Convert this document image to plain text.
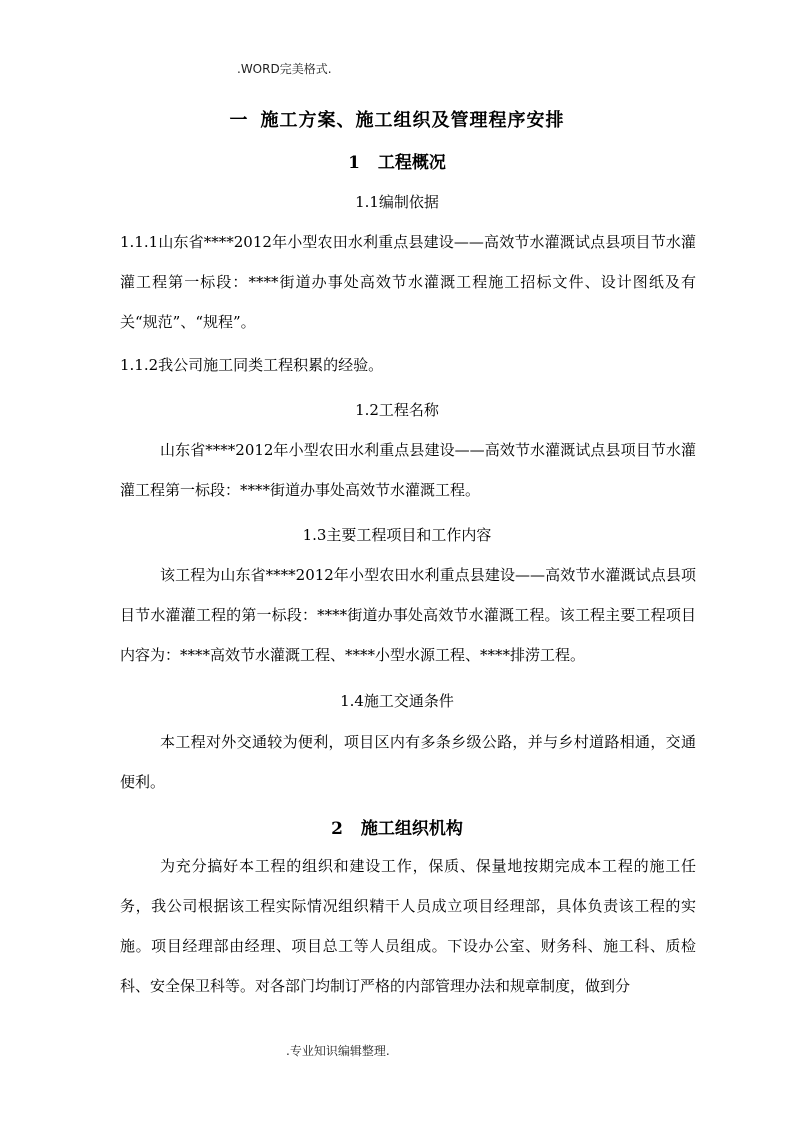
.WORD完美格式.
一 施工方案、施工组织及管理程序安排
1 工程概况
1.1编制依据
1.1.1山东省****2012年小型农田水利重点县建设——高效节水灌溉试点县项目节水灌灌工程第一标段：****街道办事处高效节水灌溉工程施工招标文件、设计图纸及有关“规范”、“规程”。
1.1.2我公司施工同类工程积累的经验。
1.2工程名称
山东省****2012年小型农田水利重点县建设——高效节水灌溉试点县项目节水灌灌工程第一标段：****街道办事处高效节水灌溉工程。
1.3主要工程项目和工作内容
该工程为山东省****2012年小型农田水利重点县建设——高效节水灌溉试点县项目节水灌灌工程的第一标段：****街道办事处高效节水灌溉工程。该工程主要工程项目内容为：****高效节水灌溉工程、****小型水源工程、****排涝工程。
1.4施工交通条件
本工程对外交通较为便利，项目区内有多条乡级公路，并与乡村道路相通，交通便利。
2 施工组织机构
为充分搞好本工程的组织和建设工作，保质、保量地按期完成本工程的施工任务，我公司根据该工程实际情况组织精干人员成立项目经理部，具体负责该工程的实施。项目经理部由经理、项目总工等人员组成。下设办公室、财务科、施工科、质检科、安全保卫科等。对各部门均制订严格的内部管理办法和规章制度，做到分
.专业知识编辑整理.
